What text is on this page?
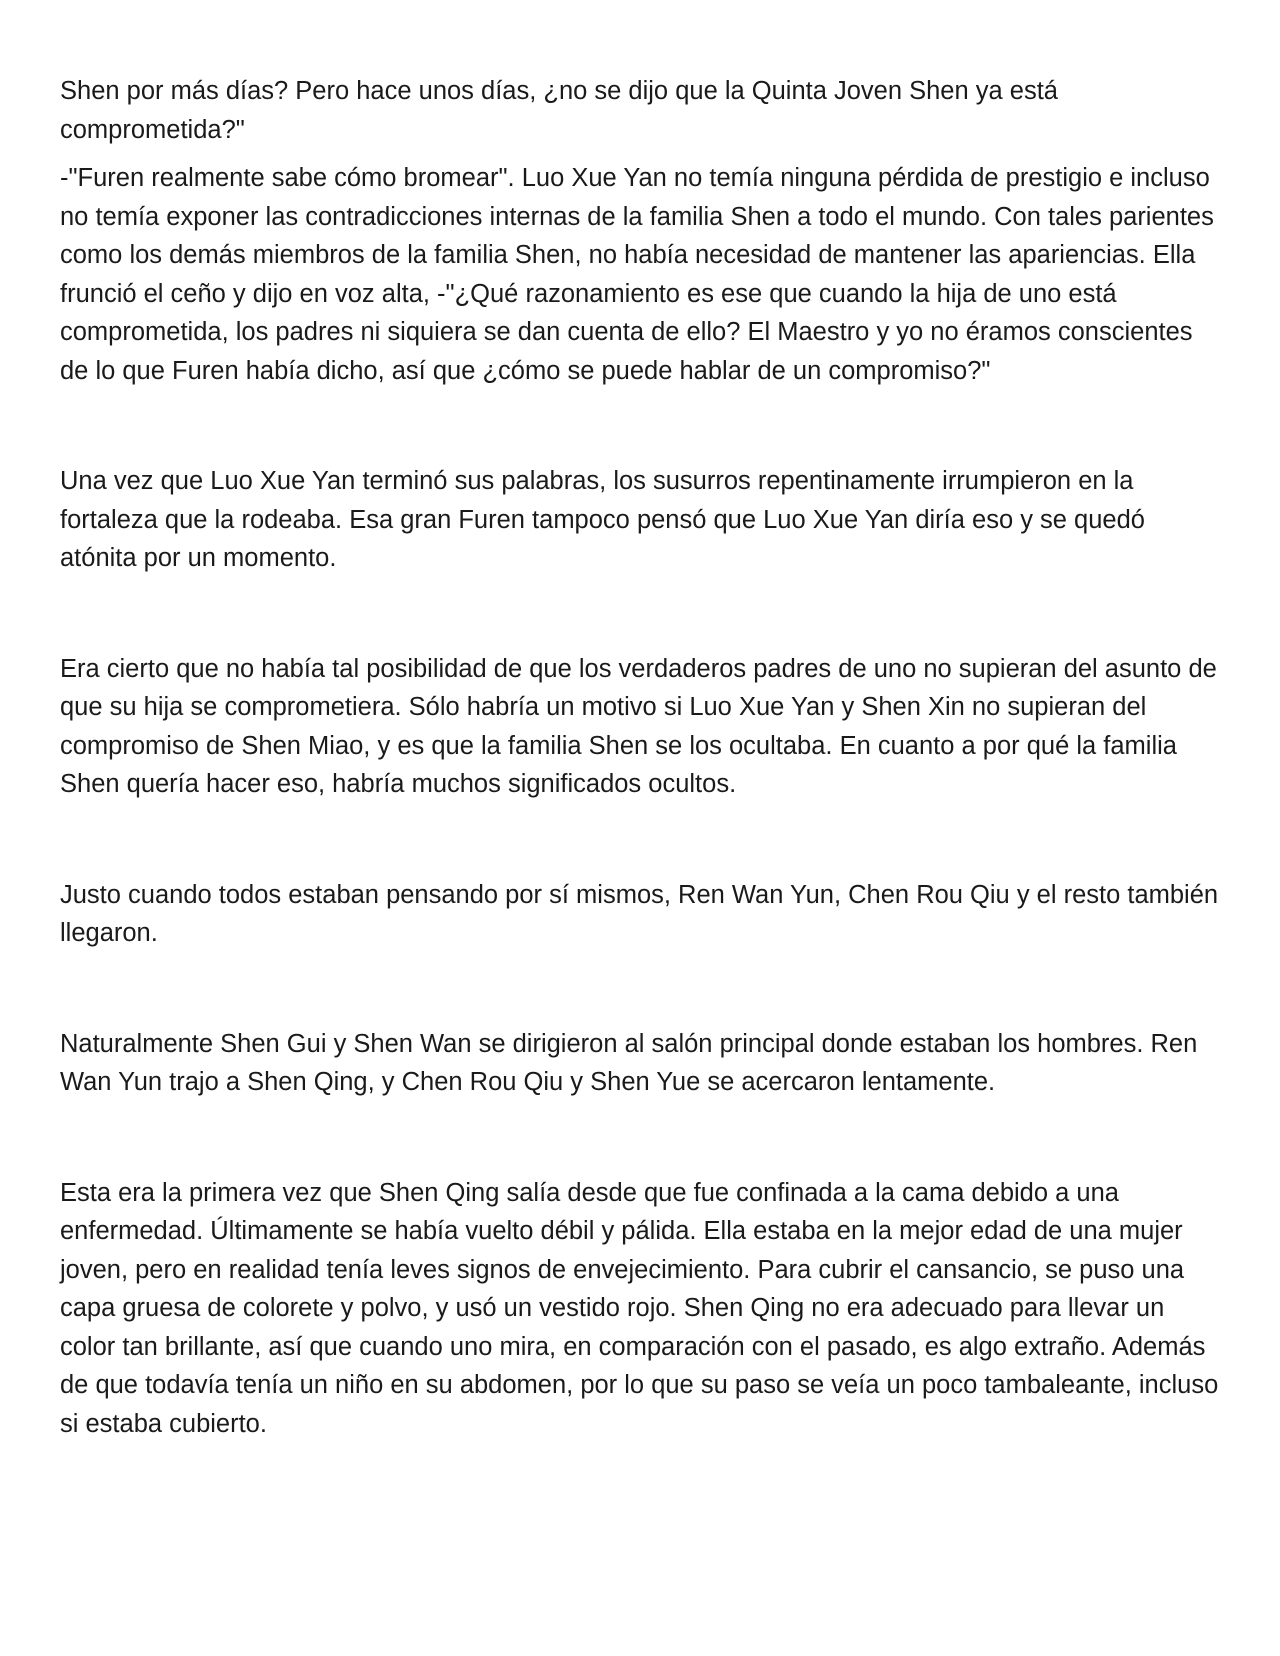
Shen por más días? Pero hace unos días, ¿no se dijo que la Quinta Joven Shen ya está comprometida?"

-"Furen realmente sabe cómo bromear". Luo Xue Yan no temía ninguna pérdida de prestigio e incluso no temía exponer las contradicciones internas de la familia Shen a todo el mundo. Con tales parientes como los demás miembros de la familia Shen, no había necesidad de mantener las apariencias. Ella frunció el ceño y dijo en voz alta, -"¿Qué razonamiento es ese que cuando la hija de uno está comprometida, los padres ni siquiera se dan cuenta de ello? El Maestro y yo no éramos conscientes de lo que Furen había dicho, así que ¿cómo se puede hablar de un compromiso?"

Una vez que Luo Xue Yan terminó sus palabras, los susurros repentinamente irrumpieron en la fortaleza que la rodeaba. Esa gran Furen tampoco pensó que Luo Xue Yan diría eso y se quedó atónita por un momento.

Era cierto que no había tal posibilidad de que los verdaderos padres de uno no supieran del asunto de que su hija se comprometiera. Sólo habría un motivo si Luo Xue Yan y Shen Xin no supieran del compromiso de Shen Miao, y es que la familia Shen se los ocultaba. En cuanto a por qué la familia Shen quería hacer eso, habría muchos significados ocultos.

Justo cuando todos estaban pensando por sí mismos, Ren Wan Yun, Chen Rou Qiu y el resto también llegaron.

Naturalmente Shen Gui y Shen Wan se dirigieron al salón principal donde estaban los hombres. Ren Wan Yun trajo a Shen Qing, y Chen Rou Qiu y Shen Yue se acercaron lentamente.

Esta era la primera vez que Shen Qing salía desde que fue confinada a la cama debido a una enfermedad. Últimamente se había vuelto débil y pálida. Ella estaba en la mejor edad de una mujer joven, pero en realidad tenía leves signos de envejecimiento. Para cubrir el cansancio, se puso una capa gruesa de colorete y polvo, y usó un vestido rojo. Shen Qing no era adecuado para llevar un color tan brillante, así que cuando uno mira, en comparación con el pasado, es algo extraño. Además de que todavía tenía un niño en su abdomen, por lo que su paso se veía un poco tambaleante, incluso si estaba cubierto.
